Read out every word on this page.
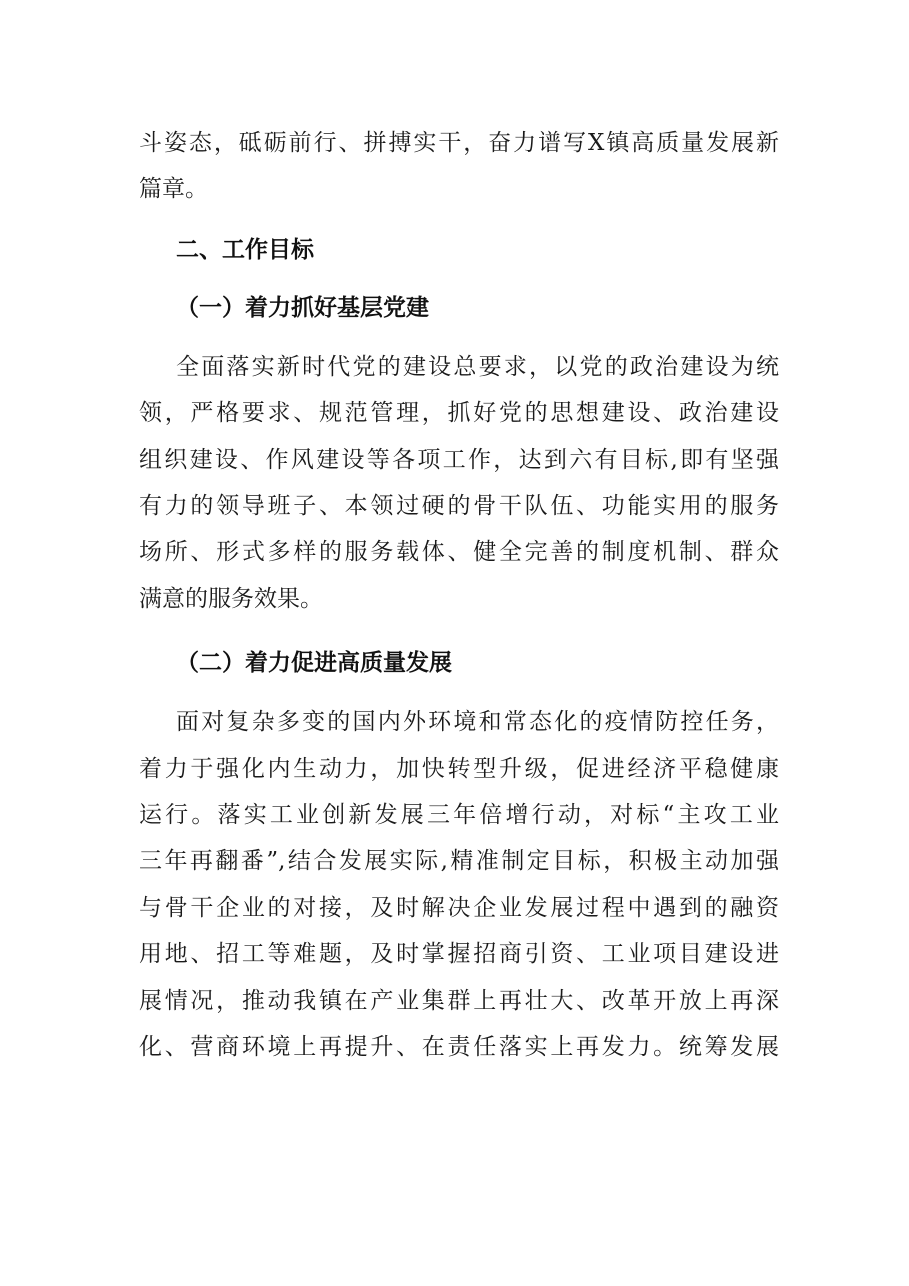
斗姿态，砥砺前行、拼搏实干，奋力谱写Ⅹ镇高质量发展新
篇章。
二、工作目标
（一）着力抓好基层党建
全面落实新时代党的建设总要求，以党的政治建设为统
领，严格要求、规范管理，抓好党的思想建设、政治建设
组织建设、作风建设等各项工作，达到六有目标,即有坚强
有力的领导班子、本领过硬的骨干队伍、功能实用的服务
场所、形式多样的服务载体、健全完善的制度机制、群众
满意的服务效果。
（二）着力促进高质量发展
面对复杂多变的国内外环境和常态化的疫情防控任务，
着力于强化内生动力，加快转型升级，促进经济平稳健康
运行。落实工业创新发展三年倍增行动，对标“主攻工业
三年再翻番”,结合发展实际,精准制定目标，积极主动加强
与骨干企业的对接，及时解决企业发展过程中遇到的融资
用地、招工等难题，及时掌握招商引资、工业项目建设进
展情况，推动我镇在产业集群上再壮大、改革开放上再深
化、营商环境上再提升、在责任落实上再发力。统筹发展
